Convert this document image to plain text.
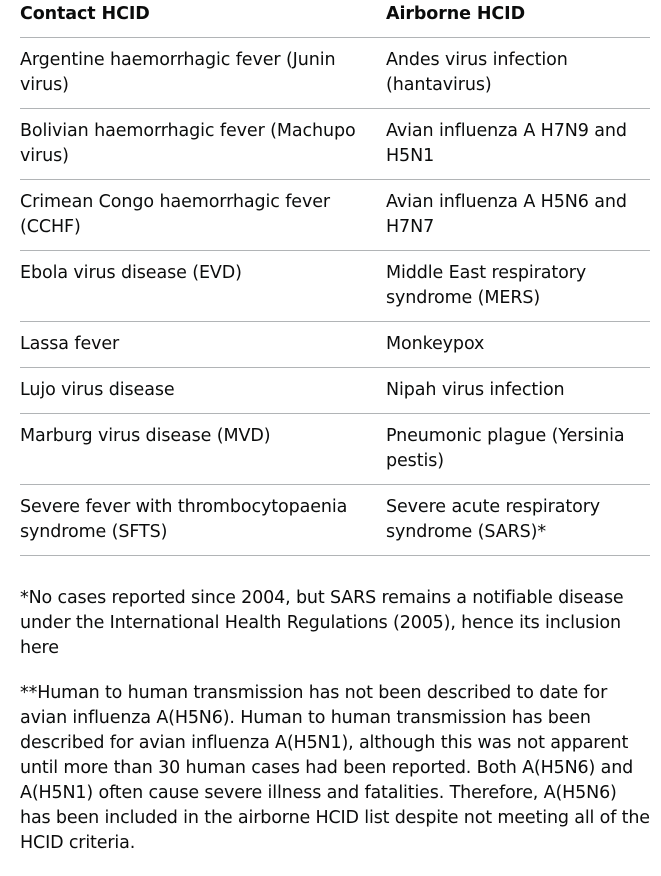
Contact HCID	Airborne HCID
Argentine haemorrhagic fever (Junin virus)	Andes virus infection (hantavirus)
Bolivian haemorrhagic fever (Machupo virus)	Avian influenza A H7N9 and H5N1
Crimean Congo haemorrhagic fever (CCHF)	Avian influenza A H5N6 and H7N7
Ebola virus disease (EVD)	Middle East respiratory syndrome (MERS)
Lassa fever	Monkeypox
Lujo virus disease	Nipah virus infection
Marburg virus disease (MVD)	Pneumonic plague (Yersinia pestis)
Severe fever with thrombocytopaenia syndrome (SFTS)	Severe acute respiratory syndrome (SARS)*

*No cases reported since 2004, but SARS remains a notifiable disease under the International Health Regulations (2005), hence its inclusion here

**Human to human transmission has not been described to date for avian influenza A(H5N6). Human to human transmission has been described for avian influenza A(H5N1), although this was not apparent until more than 30 human cases had been reported. Both A(H5N6) and A(H5N1) often cause severe illness and fatalities. Therefore, A(H5N6) has been included in the airborne HCID list despite not meeting all of the HCID criteria.
